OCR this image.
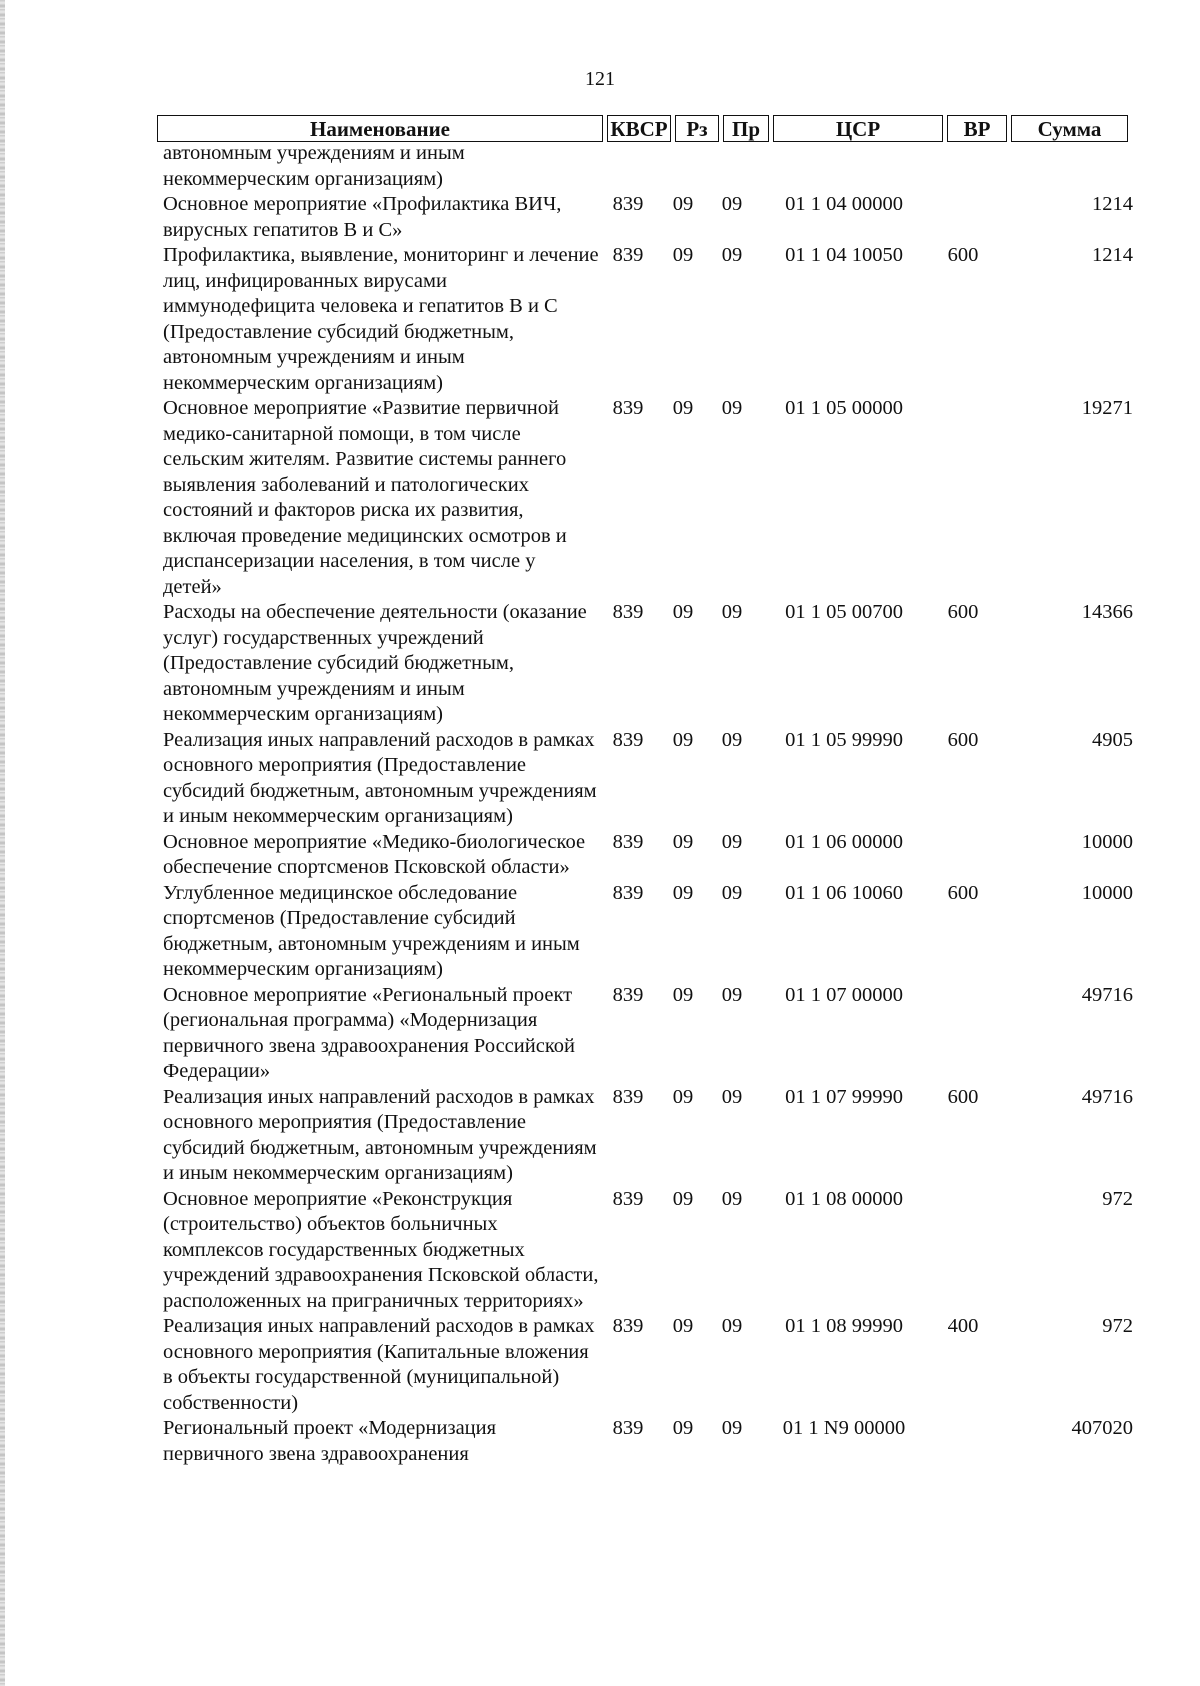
121
Наименование	КВСР	Рз	Пр	ЦСР	ВР	Сумма
автономным учреждениям и иным некоммерческим организациям)						
Основное мероприятие «Профилактика ВИЧ, вирусных гепатитов В и С»	839	09	09	01 1 04 00000		1214
Профилактика, выявление, мониторинг и лечение лиц, инфицированных вирусами иммунодефицита человека и гепатитов В и С (Предоставление субсидий бюджетным, автономным учреждениям и иным некоммерческим организациям)	839	09	09	01 1 04 10050	600	1214
Основное мероприятие «Развитие первичной медико-санитарной помощи, в том числе сельским жителям. Развитие системы раннего выявления заболеваний и патологических состояний и факторов риска их развития, включая проведение медицинских осмотров и диспансеризации населения, в том числе у детей»	839	09	09	01 1 05 00000		19271
Расходы на обеспечение деятельности (оказание услуг) государственных учреждений (Предоставление субсидий бюджетным, автономным учреждениям и иным некоммерческим организациям)	839	09	09	01 1 05 00700	600	14366
Реализация иных направлений расходов в рамках основного мероприятия (Предоставление субсидий бюджетным, автономным учреждениям и иным некоммерческим организациям)	839	09	09	01 1 05 99990	600	4905
Основное мероприятие «Медико-биологическое обеспечение спортсменов Псковской области»	839	09	09	01 1 06 00000		10000
Углубленное медицинское обследование спортсменов (Предоставление субсидий бюджетным, автономным учреждениям и иным некоммерческим организациям)	839	09	09	01 1 06 10060	600	10000
Основное мероприятие «Региональный проект (региональная программа) «Модернизация первичного звена здравоохранения Российской Федерации»	839	09	09	01 1 07 00000		49716
Реализация иных направлений расходов в рамках основного мероприятия (Предоставление субсидий бюджетным, автономным учреждениям и иным некоммерческим организациям)	839	09	09	01 1 07 99990	600	49716
Основное мероприятие «Реконструкция (строительство) объектов больничных комплексов государственных бюджетных учреждений здравоохранения Псковской области, расположенных на приграничных территориях»	839	09	09	01 1 08 00000		972
Реализация иных направлений расходов в рамках основного мероприятия (Капитальные вложения в объекты государственной (муниципальной) собственности)	839	09	09	01 1 08 99990	400	972
Региональный проект «Модернизация первичного звена здравоохранения	839	09	09	01 1 N9 00000		407020
